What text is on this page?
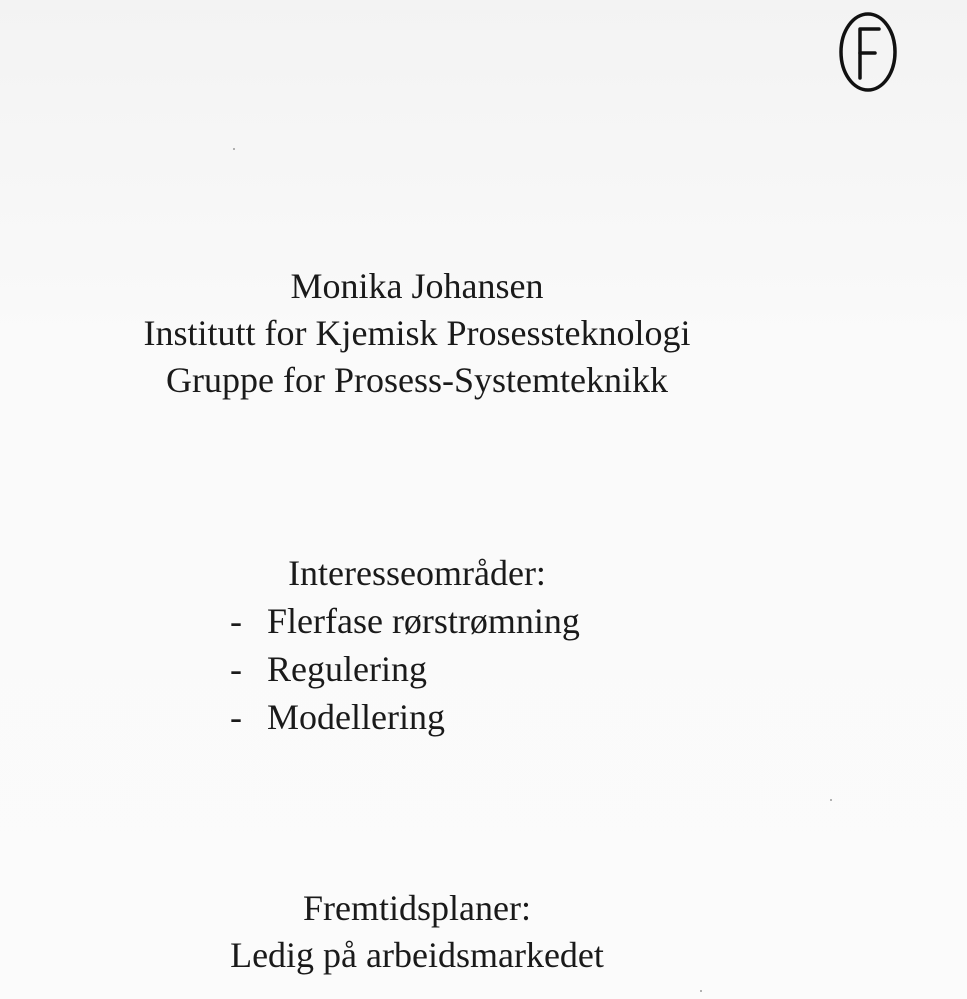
Monika Johansen
Institutt for Kjemisk Prosessteknologi
Gruppe for Prosess-Systemteknikk
Interesseområder:
- Flerfase rørstrømning
- Regulering
- Modellering
Fremtidsplaner:
Ledig på arbeidsmarkedet
